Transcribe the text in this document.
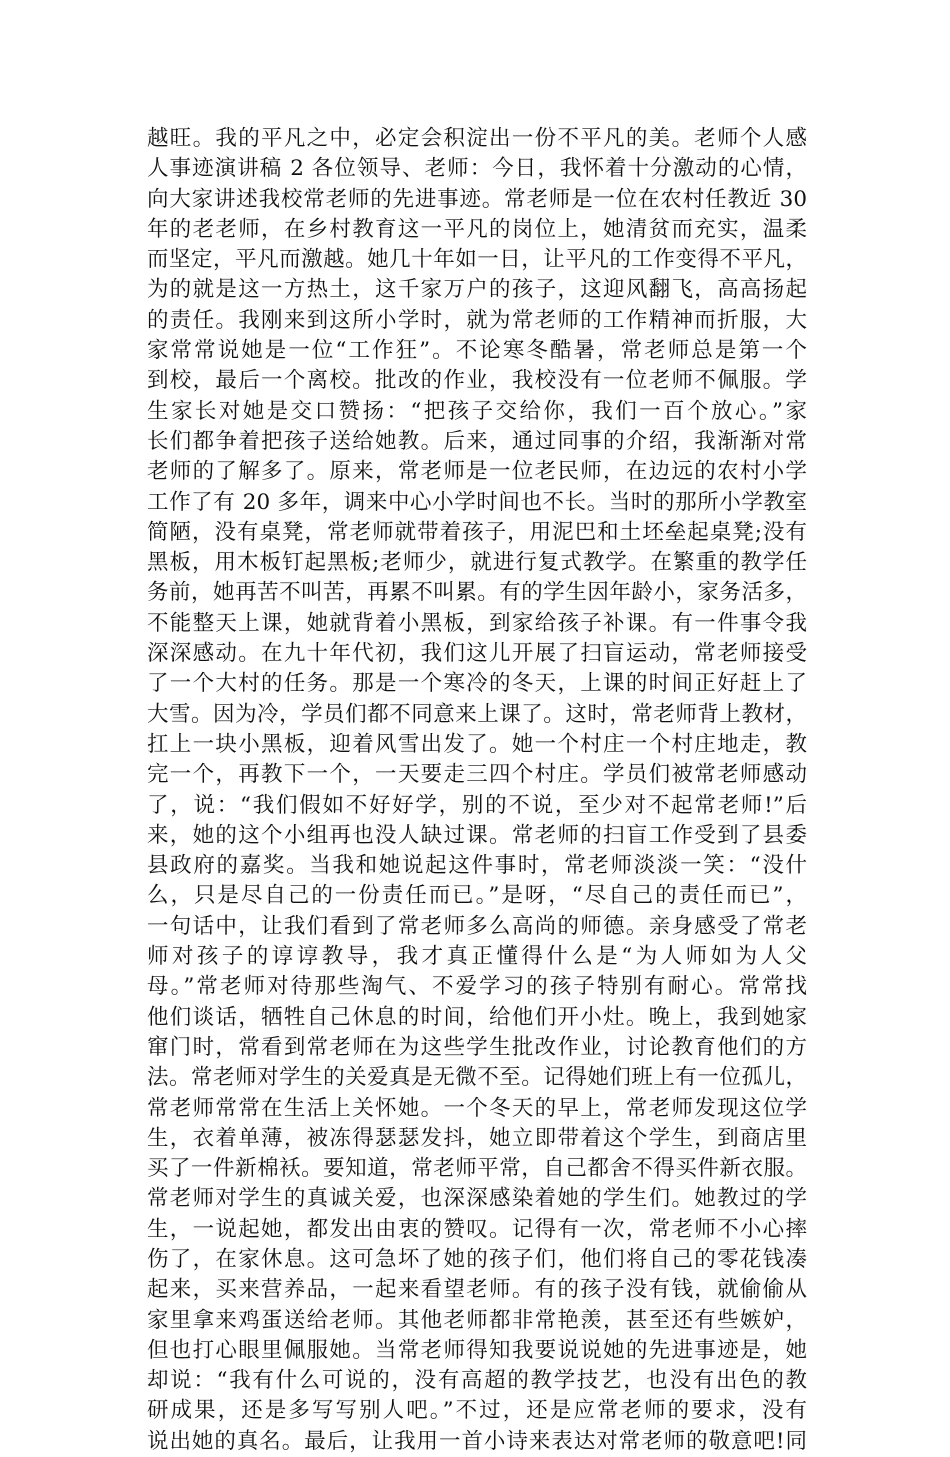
越旺。我的平凡之中，必定会积淀出一份不平凡的美。老师个人感
人事迹演讲稿 2 各位领导、老师：今日，我怀着十分激动的心情，
向大家讲述我校常老师的先进事迹。常老师是一位在农村任教近 30
年的老老师，在乡村教育这一平凡的岗位上，她清贫而充实，温柔
而坚定，平凡而激越。她几十年如一日，让平凡的工作变得不平凡，
为的就是这一方热土，这千家万户的孩子，这迎风翻飞，高高扬起
的责任。我刚来到这所小学时，就为常老师的工作精神而折服，大
家常常说她是一位“工作狂”。不论寒冬酷暑，常老师总是第一个
到校，最后一个离校。批改的作业，我校没有一位老师不佩服。学
生家长对她是交口赞扬：“把孩子交给你，我们一百个放心。”家
长们都争着把孩子送给她教。后来，通过同事的介绍，我渐渐对常
老师的了解多了。原来，常老师是一位老民师，在边远的农村小学
工作了有 20 多年，调来中心小学时间也不长。当时的那所小学教室
简陋，没有桌凳，常老师就带着孩子，用泥巴和土坯垒起桌凳;没有
黑板，用木板钉起黑板;老师少，就进行复式教学。在繁重的教学任
务前，她再苦不叫苦，再累不叫累。有的学生因年龄小，家务活多，
不能整天上课，她就背着小黑板，到家给孩子补课。有一件事令我
深深感动。在九十年代初，我们这儿开展了扫盲运动，常老师接受
了一个大村的任务。那是一个寒冷的冬天，上课的时间正好赶上了
大雪。因为冷，学员们都不同意来上课了。这时，常老师背上教材，
扛上一块小黑板，迎着风雪出发了。她一个村庄一个村庄地走，教
完一个，再教下一个，一天要走三四个村庄。学员们被常老师感动
了，说：“我们假如不好好学，别的不说，至少对不起常老师!”后
来，她的这个小组再也没人缺过课。常老师的扫盲工作受到了县委
县政府的嘉奖。当我和她说起这件事时，常老师淡淡一笑：“没什
么，只是尽自己的一份责任而已。”是呀，“尽自己的责任而已”，
一句话中，让我们看到了常老师多么高尚的师德。亲身感受了常老
师对孩子的谆谆教导，我才真正懂得什么是“为人师如为人父
母。”常老师对待那些淘气、不爱学习的孩子特别有耐心。常常找
他们谈话，牺牲自己休息的时间，给他们开小灶。晚上，我到她家
窜门时，常看到常老师在为这些学生批改作业，讨论教育他们的方
法。常老师对学生的关爱真是无微不至。记得她们班上有一位孤儿，
常老师常常在生活上关怀她。一个冬天的早上，常老师发现这位学
生，衣着单薄，被冻得瑟瑟发抖，她立即带着这个学生，到商店里
买了一件新棉袄。要知道，常老师平常，自己都舍不得买件新衣服。
常老师对学生的真诚关爱，也深深感染着她的学生们。她教过的学
生，一说起她，都发出由衷的赞叹。记得有一次，常老师不小心摔
伤了，在家休息。这可急坏了她的孩子们，他们将自己的零花钱凑
起来，买来营养品，一起来看望老师。有的孩子没有钱，就偷偷从
家里拿来鸡蛋送给老师。其他老师都非常艳羡，甚至还有些嫉妒，
但也打心眼里佩服她。当常老师得知我要说说她的先进事迹是，她
却说：“我有什么可说的，没有高超的教学技艺，也没有出色的教
研成果，还是多写写别人吧。”不过，还是应常老师的要求，没有
说出她的真名。最后，让我用一首小诗来表达对常老师的敬意吧!同
